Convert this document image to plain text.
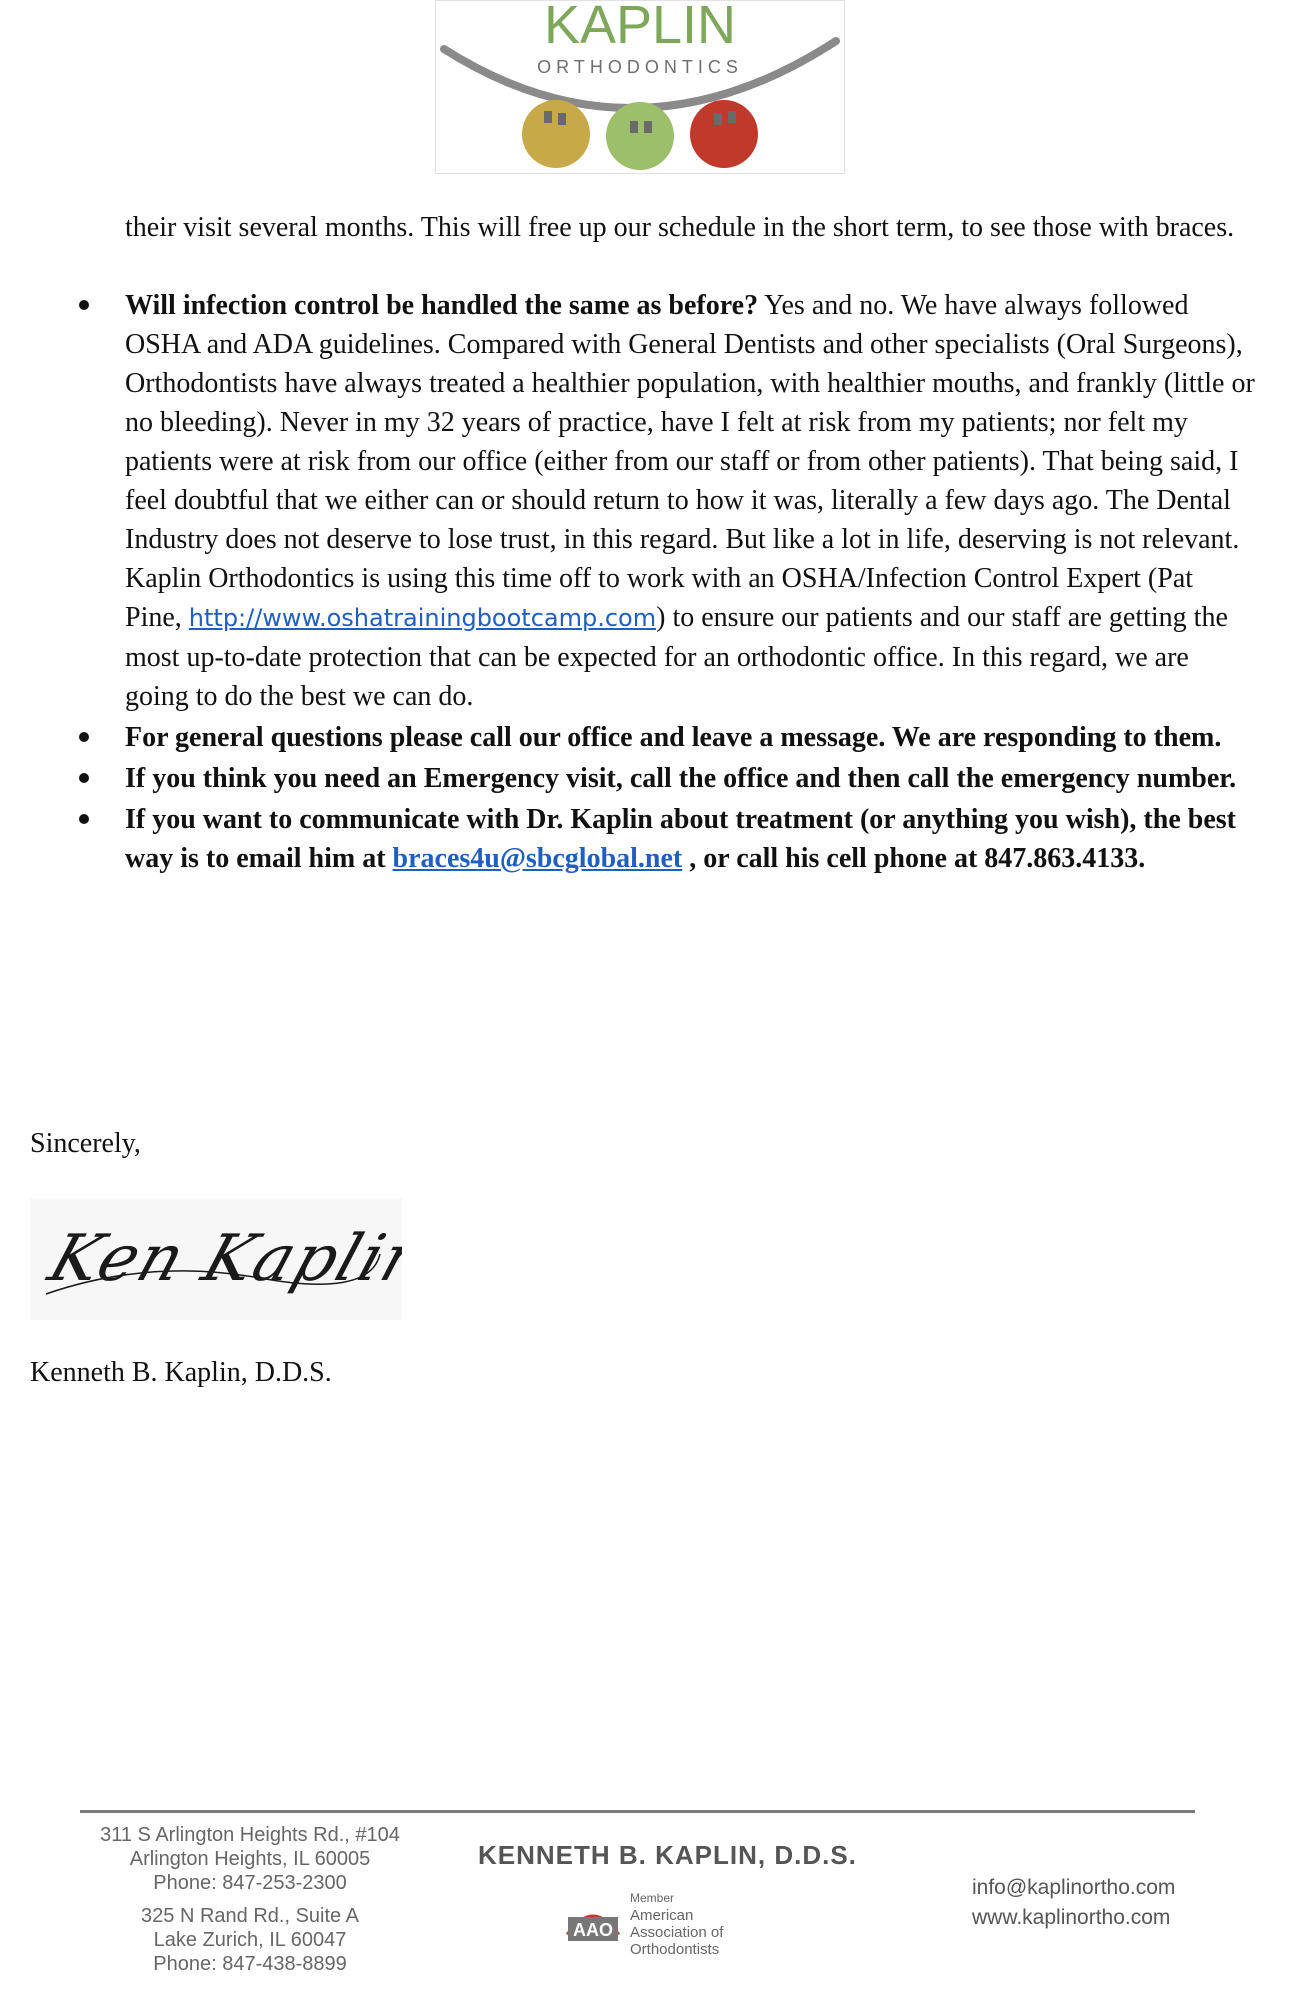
KAPLIN
ORTHODONTICS

their visit several months. This will free up our schedule in the short term, to see those with braces.

Will infection control be handled the same as before? Yes and no. We have always followed OSHA and ADA guidelines. Compared with General Dentists and other specialists (Oral Surgeons), Orthodontists have always treated a healthier population, with healthier mouths, and frankly (little or no bleeding). Never in my 32 years of practice, have I felt at risk from my patients; nor felt my patients were at risk from our office (either from our staff or from other patients). That being said, I feel doubtful that we either can or should return to how it was, literally a few days ago. The Dental Industry does not deserve to lose trust, in this regard. But like a lot in life, deserving is not relevant. Kaplin Orthodontics is using this time off to work with an OSHA/Infection Control Expert (Pat Pine, http://www.oshatrainingbootcamp.com) to ensure our patients and our staff are getting the most up-to-date protection that can be expected for an orthodontic office. In this regard, we are going to do the best we can do.
For general questions please call our office and leave a message. We are responding to them.
If you think you need an Emergency visit, call the office and then call the emergency number.
If you want to communicate with Dr. Kaplin about treatment (or anything you wish), the best way is to email him at braces4u@sbcglobal.net , or call his cell phone at 847.863.4133.

Sincerely,

Ken Kaplin

Kenneth B. Kaplin, D.D.S.

311 S Arlington Heights Rd., #104

Arlington Heights, IL 60005

Phone: 847-253-2300

325 N Rand Rd., Suite A

Lake Zurich, IL 60047

Phone: 847-438-8899

KENNETH B. KAPLIN, D.D.S.

AAO

Member

American

Association of

Orthodontists

info@kaplinortho.com

www.kaplinortho.com
